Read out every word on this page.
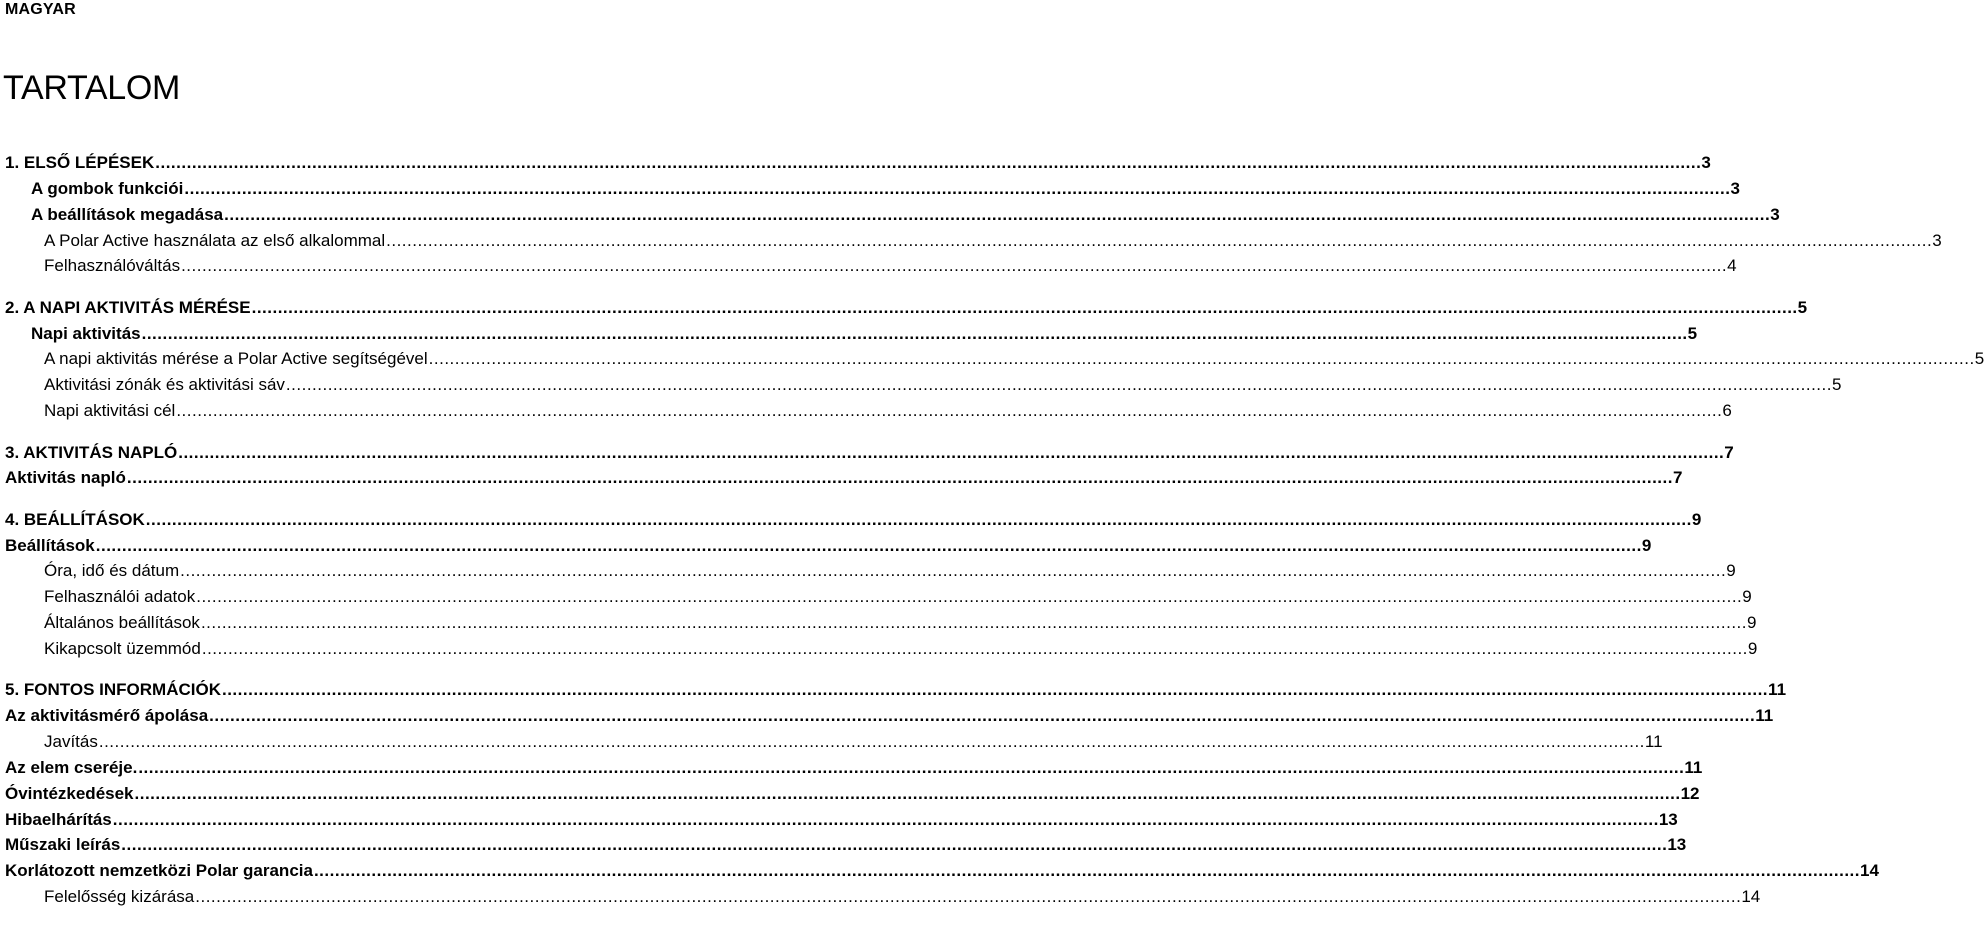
MAGYAR
TARTALOM
1. ELSŐ LÉPÉSEK .....	3
A gombok funkciói .....	3
A beállítások megadása .....	3
A Polar Active használata az első alkalommal .....	3
Felhasználóváltás .....	4
2. A NAPI AKTIVITÁS MÉRÉSE .....	5
Napi aktivitás .....	5
A napi aktivitás mérése a Polar Active segítségével .....	5
Aktivitási zónák és aktivitási sáv .....	5
Napi aktivitási cél .....	6
3. AKTIVITÁS NAPLÓ .....	7
Aktivitás napló .....	7
4. BEÁLLÍTÁSOK .....	9
Beállítások .....	9
Óra, idő és dátum .....	9
Felhasználói adatok .....	9
Általános beállítások .....	9
Kikapcsolt üzemmód .....	9
5. FONTOS INFORMÁCIÓK .....	11
Az aktivitásmérő ápolása .....	11
Javítás .....	11
Az elem cseréje. .....	11
Óvintézkedések .....	12
Hibaelhárítás .....	13
Műszaki leírás .....	13
Korlátozott nemzetközi Polar garancia .....	14
Felelősség kizárása .....	14
